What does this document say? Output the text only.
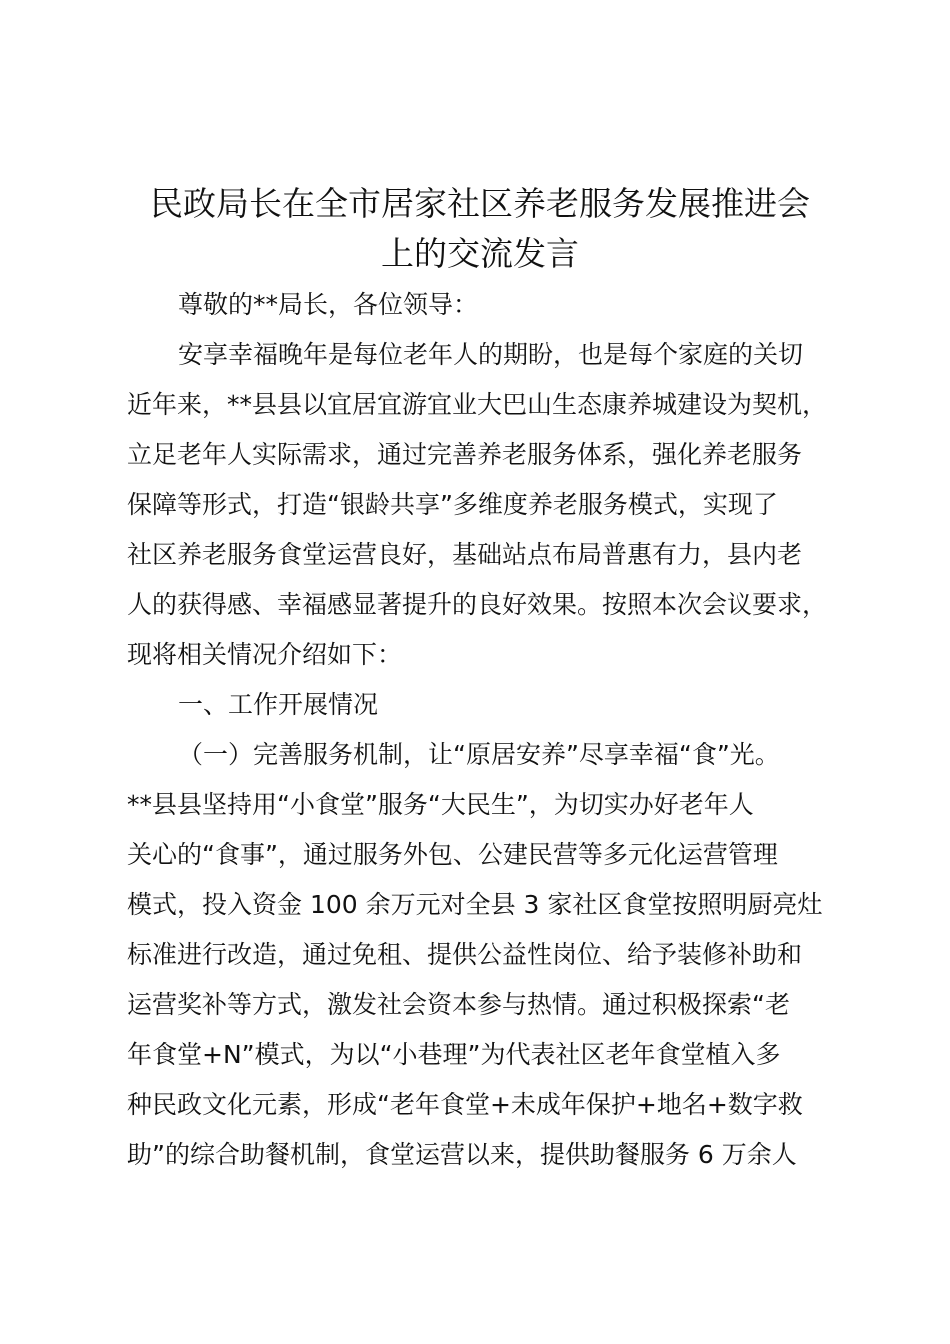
民政局长在全市居家社区养老服务发展推进会
上的交流发言
尊敬的**局长，各位领导：
安享幸福晚年是每位老年人的期盼，也是每个家庭的关切
近年来，**县县以宜居宜游宜业大巴山生态康养城建设为契机，
立足老年人实际需求，通过完善养老服务体系，强化养老服务
保障等形式，打造“银龄共享”多维度养老服务模式，实现了
社区养老服务食堂运营良好，基础站点布局普惠有力，县内老
人的获得感、幸福感显著提升的良好效果。按照本次会议要求，
现将相关情况介绍如下：
一、工作开展情况
（一）完善服务机制，让“原居安养”尽享幸福“食”光。
**县县坚持用“小食堂”服务“大民生”，为切实办好老年人
关心的“食事”，通过服务外包、公建民营等多元化运营管理
模式，投入资金 100 余万元对全县 3 家社区食堂按照明厨亮灶
标准进行改造，通过免租、提供公益性岗位、给予装修补助和
运营奖补等方式，激发社会资本参与热情。通过积极探索“老
年食堂+N”模式，为以“小巷理”为代表社区老年食堂植入多
种民政文化元素，形成“老年食堂+未成年保护+地名+数字救
助”的综合助餐机制，食堂运营以来，提供助餐服务 6 万余人
